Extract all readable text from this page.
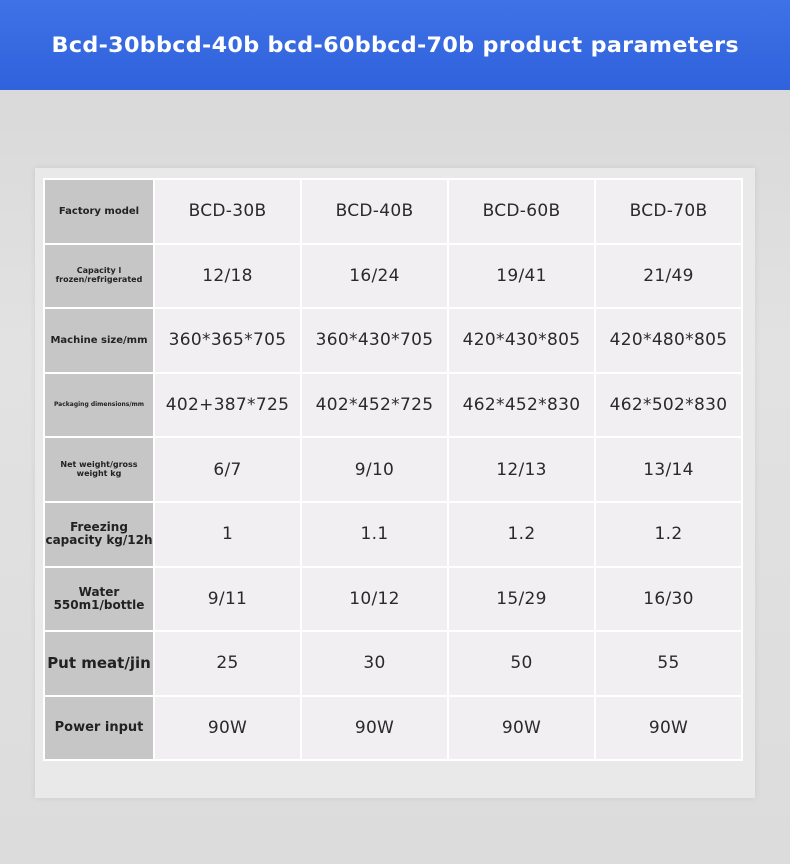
Bcd-30bbcd-40b bcd-60bbcd-70b product parameters
Factory model	BCD-30B	BCD-40B	BCD-60B	BCD-70B
Capacity l frozen/refrigerated	12/18	16/24	19/41	21/49
Machine size/mm	360*365*705	360*430*705	420*430*805	420*480*805
Packaging dimensions/mm	402+387*725	402*452*725	462*452*830	462*502*830
Net weight/gross weight kg	6/7	9/10	12/13	13/14
Freezing capacity kg/12h	1	1.1	1.2	1.2
Water 550m1/bottle	9/11	10/12	15/29	16/30
Put meat/jin	25	30	50	55
Power input	90W	90W	90W	90W
